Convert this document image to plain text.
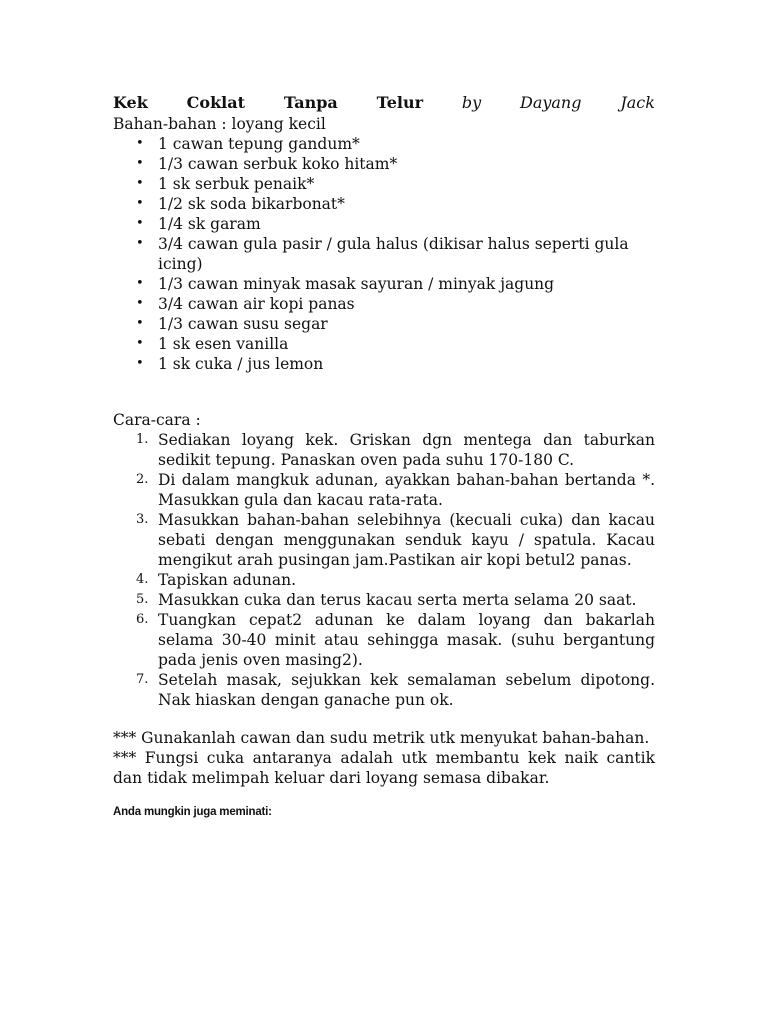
Kek Coklat Tanpa Telur by Dayang Jack

Bahan-bahan : loyang kecil

• 1 cawan tepung gandum*
• 1/3 cawan serbuk koko hitam*
• 1 sk serbuk penaik*
• 1/2 sk soda bikarbonat*
• 1/4 sk garam
• 3/4 cawan gula pasir / gula halus (dikisar halus seperti gula icing)
• 1/3 cawan minyak masak sayuran / minyak jagung
• 3/4 cawan air kopi panas
• 1/3 cawan susu segar
• 1 sk esen vanilla
• 1 sk cuka / jus lemon

Cara-cara :

1. Sediakan loyang kek. Griskan dgn mentega dan taburkan sedikit tepung. Panaskan oven pada suhu 170-180 C.
2. Di dalam mangkuk adunan, ayakkan bahan-bahan bertanda *. Masukkan gula dan kacau rata-rata.
3. Masukkan bahan-bahan selebihnya (kecuali cuka) dan kacau sebati dengan menggunakan senduk kayu / spatula. Kacau mengikut arah pusingan jam.Pastikan air kopi betul2 panas.
4. Tapiskan adunan.
5. Masukkan cuka dan terus kacau serta merta selama 20 saat.
6. Tuangkan cepat2 adunan ke dalam loyang dan bakarlah selama 30-40 minit atau sehingga masak. (suhu bergantung pada jenis oven masing2).
7. Setelah masak, sejukkan kek semalaman sebelum dipotong. Nak hiaskan dengan ganache pun ok.

*** Gunakanlah cawan dan sudu metrik utk menyukat bahan-bahan.

*** Fungsi cuka antaranya adalah utk membantu kek naik cantik dan tidak melimpah keluar dari loyang semasa dibakar.

Anda mungkin juga meminati:
